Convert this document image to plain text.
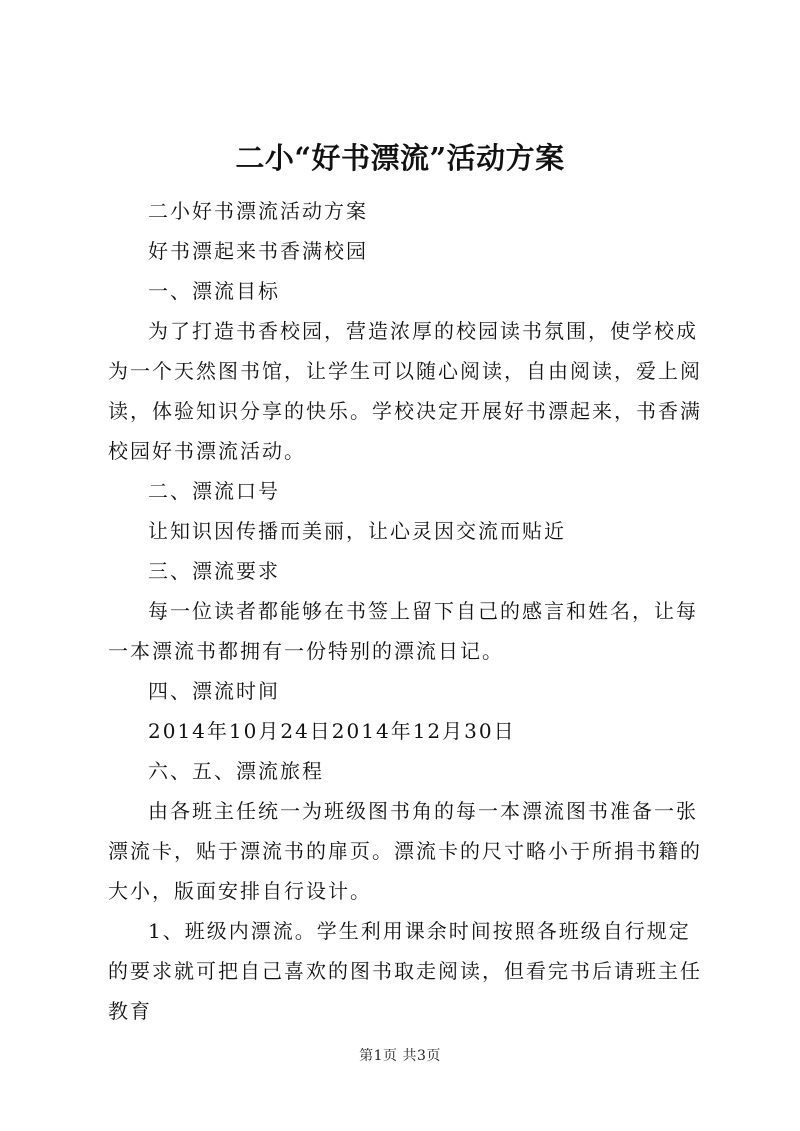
二小“好书漂流”活动方案

二小好书漂流活动方案

好书漂起来书香满校园

一、漂流目标

为了打造书香校园，营造浓厚的校园读书氛围，使学校成为一个天然图书馆，让学生可以随心阅读，自由阅读，爱上阅读，体验知识分享的快乐。学校决定开展好书漂起来，书香满校园好书漂流活动。

二、漂流口号

让知识因传播而美丽，让心灵因交流而贴近

三、漂流要求

每一位读者都能够在书签上留下自己的感言和姓名，让每一本漂流书都拥有一份特别的漂流日记。

四、漂流时间

2014年10月24日2014年12月30日

六、五、漂流旅程

由各班主任统一为班级图书角的每一本漂流图书准备一张漂流卡，贴于漂流书的扉页。漂流卡的尺寸略小于所捐书籍的大小，版面安排自行设计。

1、班级内漂流。学生利用课余时间按照各班级自行规定的要求就可把自己喜欢的图书取走阅读，但看完书后请班主任教育

第1页 共3页
